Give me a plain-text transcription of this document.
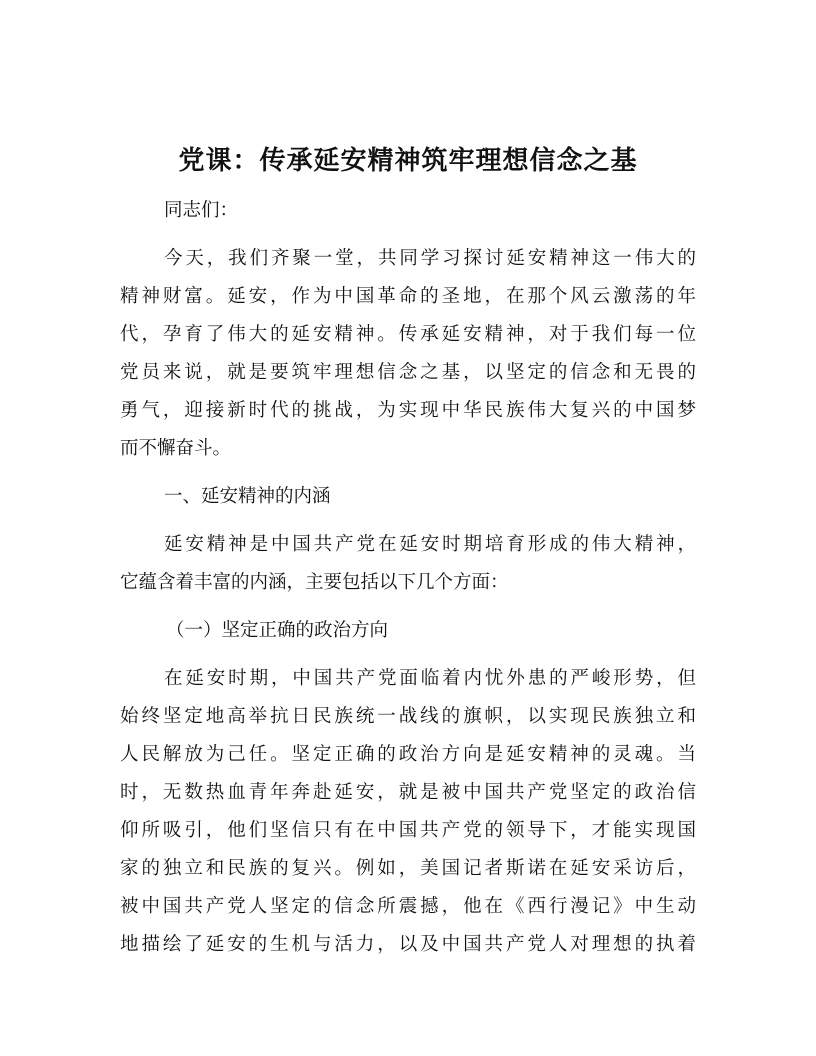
党课：传承延安精神筑牢理想信念之基
同志们：
今天，我们齐聚一堂，共同学习探讨延安精神这一伟大的
精神财富。延安，作为中国革命的圣地，在那个风云激荡的年
代，孕育了伟大的延安精神。传承延安精神，对于我们每一位
党员来说，就是要筑牢理想信念之基，以坚定的信念和无畏的
勇气，迎接新时代的挑战，为实现中华民族伟大复兴的中国梦
而不懈奋斗。
一、延安精神的内涵
延安精神是中国共产党在延安时期培育形成的伟大精神，
它蕴含着丰富的内涵，主要包括以下几个方面：
（一）坚定正确的政治方向
在延安时期，中国共产党面临着内忧外患的严峻形势，但
始终坚定地高举抗日民族统一战线的旗帜，以实现民族独立和
人民解放为己任。坚定正确的政治方向是延安精神的灵魂。当
时，无数热血青年奔赴延安，就是被中国共产党坚定的政治信
仰所吸引，他们坚信只有在中国共产党的领导下，才能实现国
家的独立和民族的复兴。例如，美国记者斯诺在延安采访后，
被中国共产党人坚定的信念所震撼，他在《西行漫记》中生动
地描绘了延安的生机与活力，以及中国共产党人对理想的执着
